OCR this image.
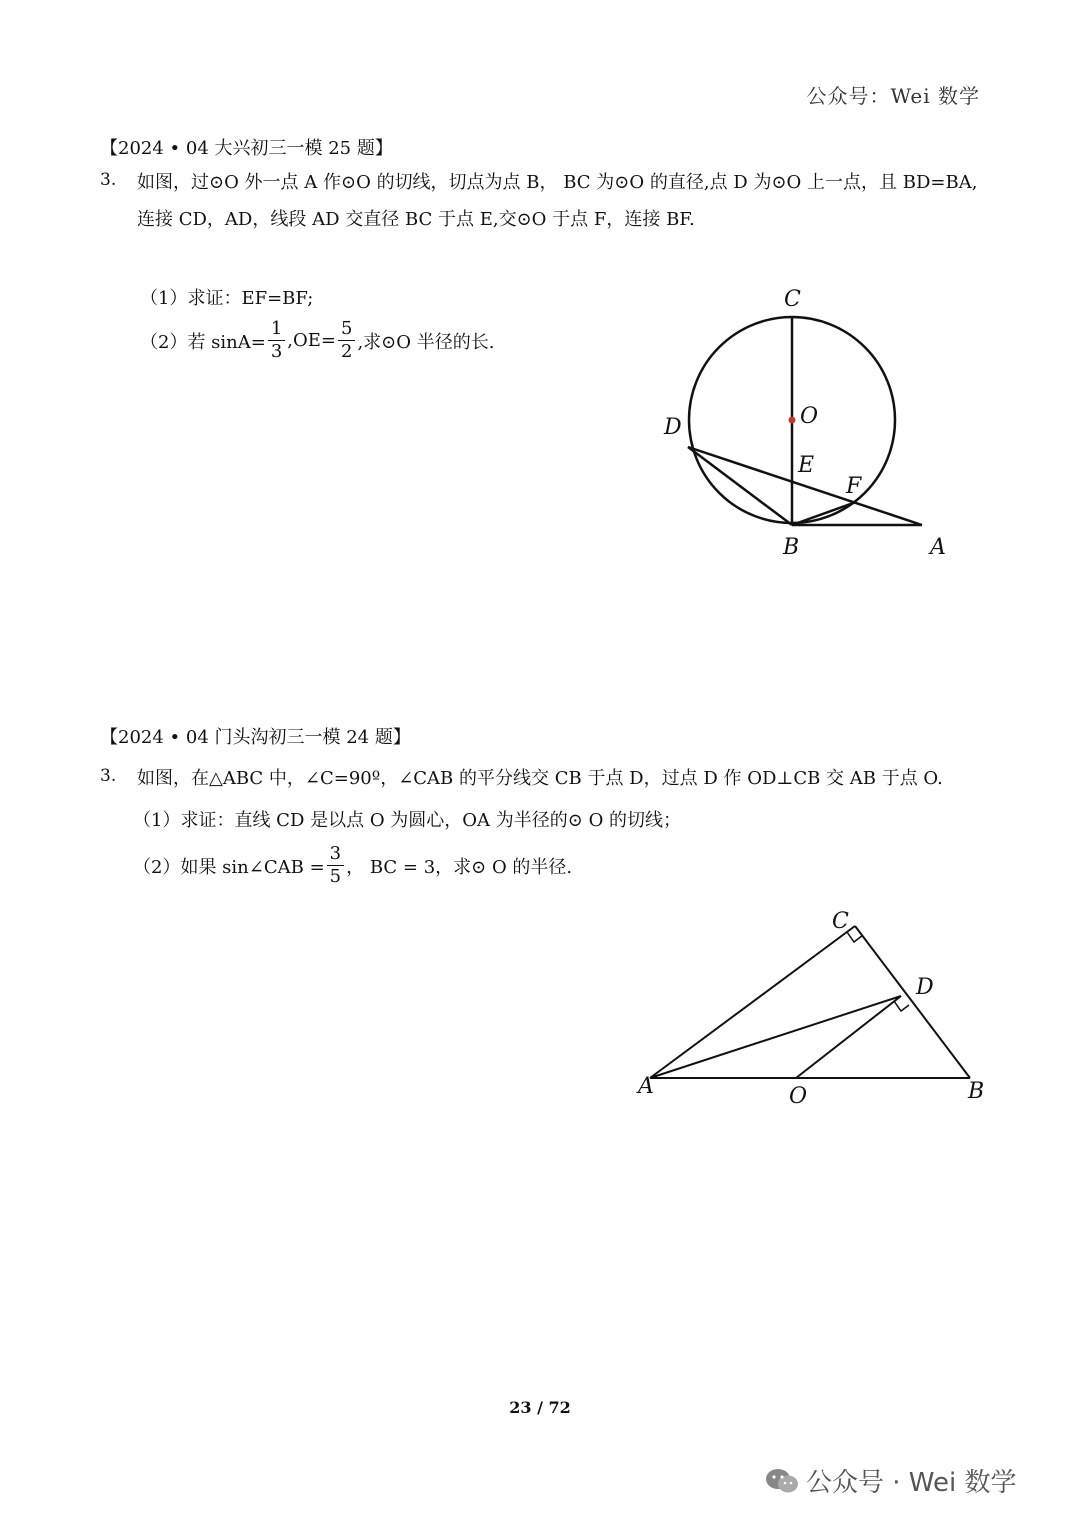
公众号：Wei 数学
【2024 • 04 大兴初三一模 25 题】
3. 如图，过⊙O 外一点 A 作⊙O 的切线，切点为点 B， BC 为⊙O 的直径,点 D 为⊙O 上一点，且 BD=BA,
连接 CD，AD，线段 AD 交直径 BC 于点 E,交⊙O 于点 F，连接 BF.
（1）求证：EF=BF;
（2）若 $\sin A= \frac{1}{3} ,OE= \frac{5}{2}$ ,求⊙O 半径的长.
C
O
D
E
F
B	A
【2024 • 04 门头沟初三一模 24 题】
3. 如图，在△ABC 中，∠C=90º，∠CAB 的平分线交 CB 于点 D，过点 D 作 OD⊥CB 交 AB 于点 O.
（1）求证：直线 CD 是以点 O 为圆心，OA 为半径的⊙ O 的切线；
（2）如果 sin∠CAB = $\frac{3}{5}$ ， BC = 3，求⊙ O 的半径.
C
D
A	O	B
23 / 72
公众号 · Wei 数学
